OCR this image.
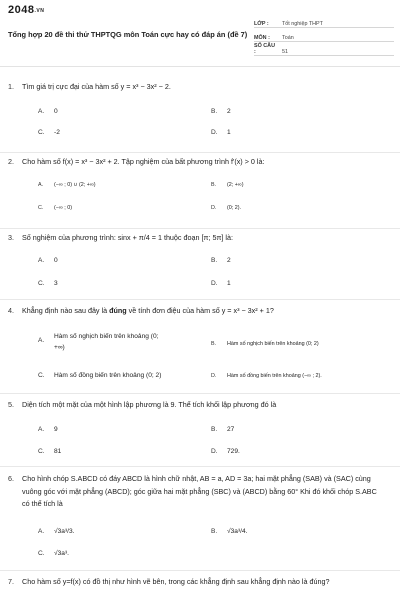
$2048_{.VN}$
Tổng hợp 20 đề thi thử THPTQG môn Toán cực hay có đáp án (đề 7)
LỚP :	Tốt nghiệp THPT
MÔN :	Toán
SỐ CÂU :	51
1. Tìm giá trị cực đại của hàm số y = x³ − 3x² − 2.
A. 0	B. 2
C. -2	D. 1
2. Cho hàm số f(x) = x³ − 3x² + 2. Tập nghiệm của bất phương trình f'(x) > 0 là:
A. (−∞ ; 0) ∪ (2; +∞)	B. (2; +∞)
C. (−∞ ; 0)	D. (0; 2).
3. Số nghiệm của phương trình: sinx + π/4 = 1 thuộc đoạn [π; 5π] là:
A. 0	B. 2
C. 3	D. 1
4. Khẳng định nào sau đây là đúng về tính đơn điệu của hàm số y = x³ − 3x² + 1?
A.Hàm số nghịch biến trên khoảng (0; +∞)	B. Hàm số nghịch biến trên khoảng (0; 2)
C. Hàm số đồng biến trên khoảng (0; 2)	D. Hàm số đồng biến trên khoảng (−∞ ; 2).
5. Diện tích một mặt của một hình lập phương là 9. Thể tích khối lập phương đó là
A. 9	B. 27
C. 81	D. 729.
6. Cho hình chóp S.ABCD có đáy ABCD là hình chữ nhật, AB = a, AD = 3a; hai mặt phẳng (SAB) và (SAC) cùng vuông góc với mặt phẳng (ABCD); góc giữa hai mặt phẳng (SBC) và (ABCD) bằng 60° Khi đó khối chóp S.ABC có thể tích là
A. √3a³/3.	B. √3a³/4.
C. √3a³.
7. Cho hàm số y=f(x) có đồ thị như hình vẽ bên, trong các khẳng định sau khẳng định nào là đúng?
